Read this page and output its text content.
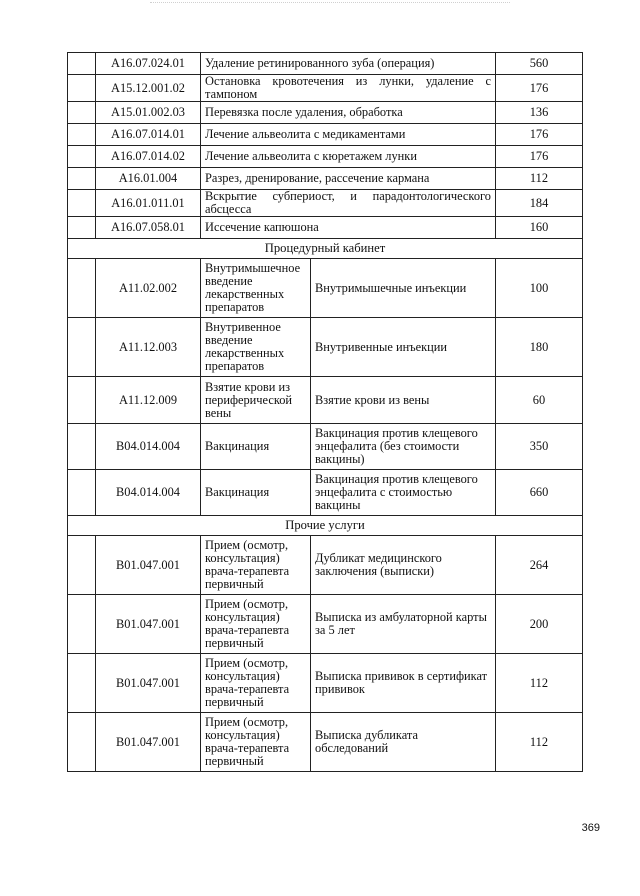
	A16.07.024.01	Удаление ретинированного зуба (операция)		560
	A15.12.001.02	Остановка кровотечения из лунки, удаление с тампоном		176
	A15.01.002.03	Перевязка после удаления, обработка		136
	A16.07.014.01	Лечение альвеолита с медикаментами		176
	A16.07.014.02	Лечение альвеолита с кюретажем лунки		176
	A16.01.004	Разрез, дренирование, рассечение кармана		112
	A16.01.011.01	Вскрытие субпериост, и парадонтологического абсцесса		184
	A16.07.058.01	Иссечение капюшона		160
Процедурный кабинет				
	A11.02.002	Внутримышечное введение лекарственных препаратов	Внутримышечные инъекции	100
	A11.12.003	Внутривенное введение лекарственных препаратов	Внутривенные инъекции	180
	A11.12.009	Взятие крови из периферической вены	Взятие крови из вены	60
	B04.014.004	Вакцинация	Вакцинация против клещевого энцефалита (без стоимости вакцины)	350
	B04.014.004	Вакцинация	Вакцинация против клещевого энцефалита с стоимостью вакцины	660
Прочие услуги				
	B01.047.001	Прием (осмотр, консультация) врача-терапевта первичный	Дубликат медицинского заключения (выписки)	264
	B01.047.001	Прием (осмотр, консультация) врача-терапевта первичный	Выписка из амбулаторной карты за 5 лет	200
	B01.047.001	Прием (осмотр, консультация) врача-терапевта первичный	Выписка прививок в сертификат прививок	112
	B01.047.001	Прием (осмотр, консультация) врача-терапевта первичный	Выписка дубликата обследований	112
369
